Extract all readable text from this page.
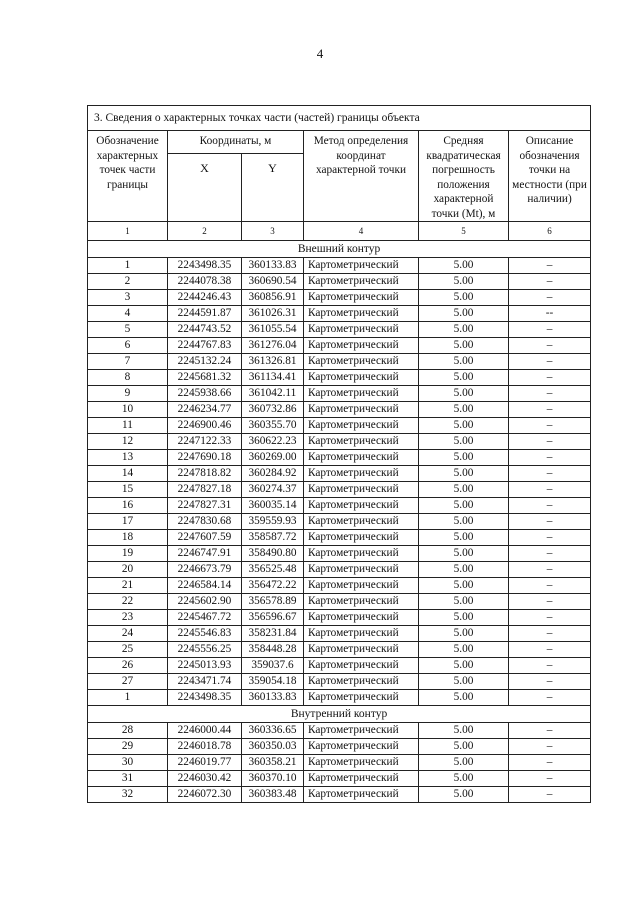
4
3. Сведения о характерных точках части (частей) границы объекта					
Обозначение характерных точек части границы	Координаты, м		Метод определения координат характерной точки	Средняя квадратическая погрешность положения характерной точки (Mt), м	Описание обозначения точки на местности (при наличии)
	X	Y			
1	2	3	4	5	6
Внешний контур					
1	2243498.35	360133.83	Картометрический	5.00	–
2	2244078.38	360690.54	Картометрический	5.00	–
3	2244246.43	360856.91	Картометрический	5.00	–
4	2244591.87	361026.31	Картометрический	5.00	--
5	2244743.52	361055.54	Картометрический	5.00	–
6	2244767.83	361276.04	Картометрический	5.00	–
7	2245132.24	361326.81	Картометрический	5.00	–
8	2245681.32	361134.41	Картометрический	5.00	–
9	2245938.66	361042.11	Картометрический	5.00	–
10	2246234.77	360732.86	Картометрический	5.00	–
11	2246900.46	360355.70	Картометрический	5.00	–
12	2247122.33	360622.23	Картометрический	5.00	–
13	2247690.18	360269.00	Картометрический	5.00	–
14	2247818.82	360284.92	Картометрический	5.00	–
15	2247827.18	360274.37	Картометрический	5.00	–
16	2247827.31	360035.14	Картометрический	5.00	–
17	2247830.68	359559.93	Картометрический	5.00	–
18	2247607.59	358587.72	Картометрический	5.00	–
19	2246747.91	358490.80	Картометрический	5.00	–
20	2246673.79	356525.48	Картометрический	5.00	–
21	2246584.14	356472.22	Картометрический	5.00	–
22	2245602.90	356578.89	Картометрический	5.00	–
23	2245467.72	356596.67	Картометрический	5.00	–
24	2245546.83	358231.84	Картометрический	5.00	–
25	2245556.25	358448.28	Картометрический	5.00	–
26	2245013.93	359037.6	Картометрический	5.00	–
27	2243471.74	359054.18	Картометрический	5.00	–
1	2243498.35	360133.83	Картометрический	5.00	–
Внутренний контур					
28	2246000.44	360336.65	Картометрический	5.00	–
29	2246018.78	360350.03	Картометрический	5.00	–
30	2246019.77	360358.21	Картометрический	5.00	–
31	2246030.42	360370.10	Картометрический	5.00	–
32	2246072.30	360383.48	Картометрический	5.00	–
